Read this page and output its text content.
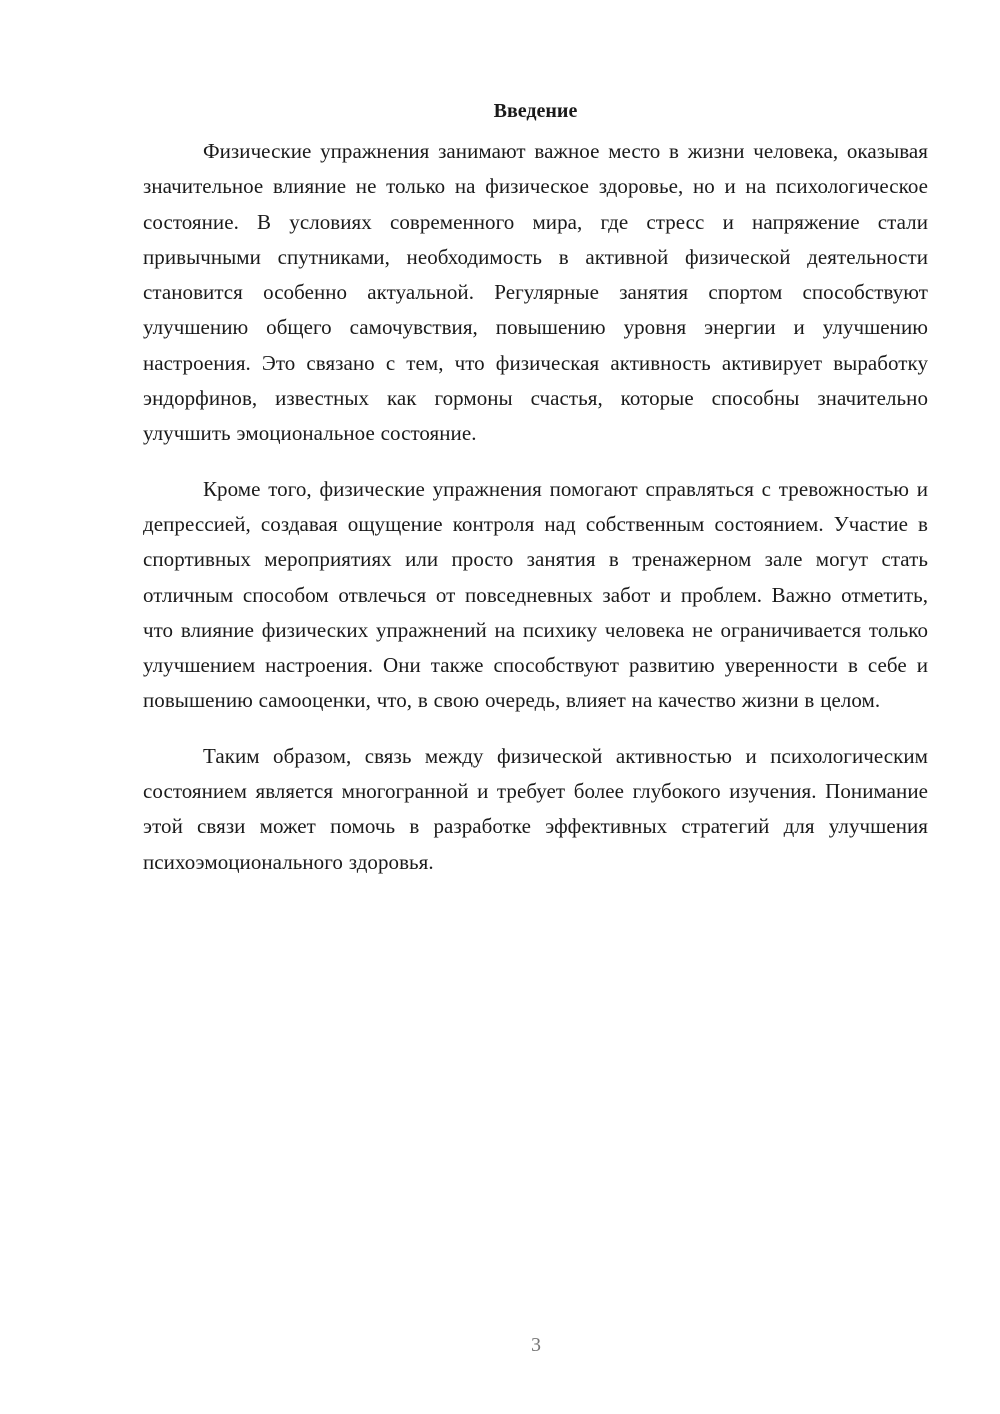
Введение

Физические упражнения занимают важное место в жизни человека, оказывая значительное влияние не только на физическое здоровье, но и на психологическое состояние. В условиях современного мира, где стресс и напряжение стали привычными спутниками, необходимость в активной физической деятельности становится особенно актуальной. Регулярные занятия спортом способствуют улучшению общего самочувствия, повышению уровня энергии и улучшению настроения. Это связано с тем, что физическая активность активирует выработку эндорфинов, известных как гормоны счастья, которые способны значительно улучшить эмоциональное состояние.

Кроме того, физические упражнения помогают справляться с тревожностью и депрессией, создавая ощущение контроля над собственным состоянием. Участие в спортивных мероприятиях или просто занятия в тренажерном зале могут стать отличным способом отвлечься от повседневных забот и проблем. Важно отметить, что влияние физических упражнений на психику человека не ограничивается только улучшением настроения. Они также способствуют развитию уверенности в себе и повышению самооценки, что, в свою очередь, влияет на качество жизни в целом.

Таким образом, связь между физической активностью и психологическим состоянием является многогранной и требует более глубокого изучения. Понимание этой связи может помочь в разработке эффективных стратегий для улучшения психоэмоционального здоровья.

3
